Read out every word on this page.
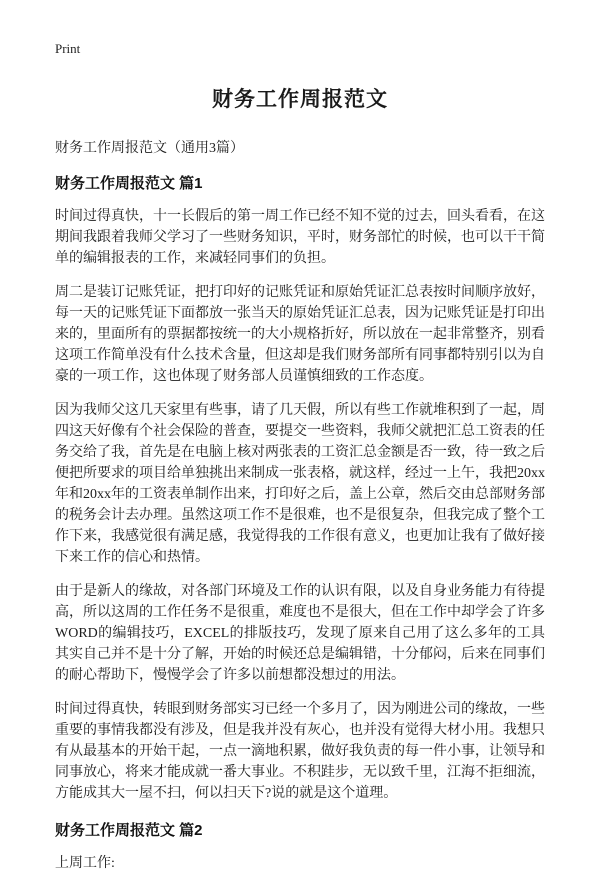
Print
财务工作周报范文

财务工作周报范文（通用3篇）

财务工作周报范文 篇1

时间过得真快，十一长假后的第一周工作已经不知不觉的过去，回头看看，在这期间我跟着我师父学习了一些财务知识，平时，财务部忙的时候，也可以干干简单的编辑报表的工作，来减轻同事们的负担。

周二是装订记账凭证，把打印好的记账凭证和原始凭证汇总表按时间顺序放好，每一天的记账凭证下面都放一张当天的原始凭证汇总表，因为记账凭证是打印出来的，里面所有的票据都按统一的大小规格折好，所以放在一起非常整齐，别看这项工作简单没有什么技术含量，但这却是我们财务部所有同事都特别引以为自豪的一项工作，这也体现了财务部人员谨慎细致的工作态度。

因为我师父这几天家里有些事，请了几天假，所以有些工作就堆积到了一起，周四这天好像有个社会保险的普查，要提交一些资料，我师父就把汇总工资表的任务交给了我，首先是在电脑上核对两张表的工资汇总金额是否一致，待一致之后便把所要求的项目给单独挑出来制成一张表格，就这样，经过一上午，我把20xx年和20xx年的工资表单制作出来，打印好之后，盖上公章，然后交由总部财务部的税务会计去办理。虽然这项工作不是很难，也不是很复杂，但我完成了整个工作下来，我感觉很有满足感，我觉得我的工作很有意义，也更加让我有了做好接下来工作的信心和热情。

由于是新人的缘故，对各部门环境及工作的认识有限，以及自身业务能力有待提高，所以这周的工作任务不是很重，难度也不是很大，但在工作中却学会了许多WORD的编辑技巧，EXCEL的排版技巧，发现了原来自己用了这么多年的工具其实自己并不是十分了解，开始的时候还总是编辑错，十分郁闷，后来在同事们的耐心帮助下，慢慢学会了许多以前想都没想过的用法。

时间过得真快，转眼到财务部实习已经一个多月了，因为刚进公司的缘故，一些重要的事情我都没有涉及，但是我并没有灰心，也并没有觉得大材小用。我想只有从最基本的开始干起，一点一滴地积累，做好我负责的每一件小事，让领导和同事放心，将来才能成就一番大事业。不积跬步，无以致千里，江海不拒细流，方能成其大一屋不扫，何以扫天下?说的就是这个道理。

财务工作周报范文 篇2

上周工作:
